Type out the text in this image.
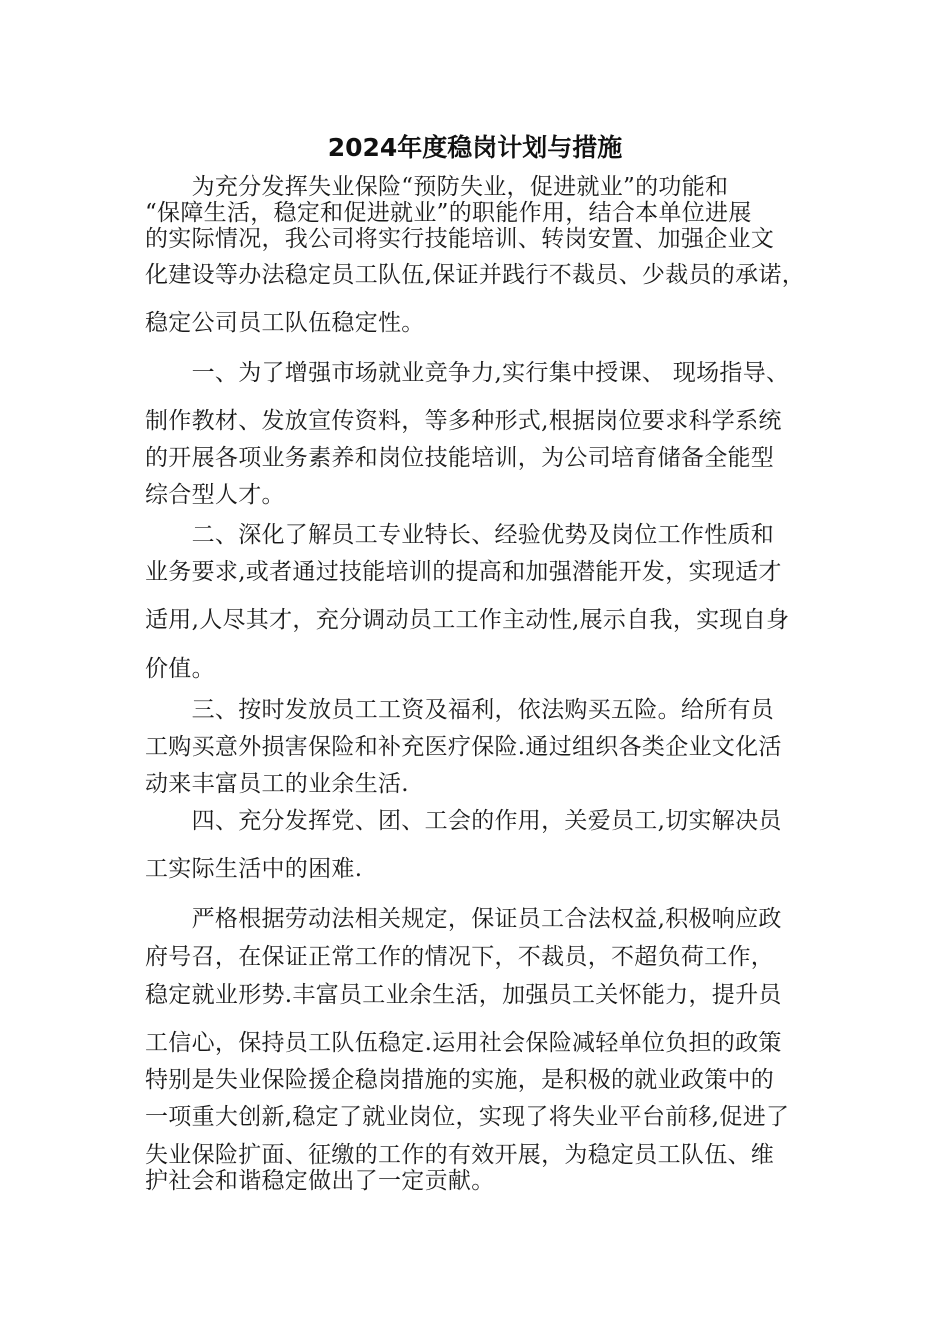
2024年度稳岗计划与措施
　　为充分发挥失业保险“预防失业，促进就业”的功能和
“保障生活，稳定和促进就业”的职能作用，结合本单位进展
的实际情况，我公司将实行技能培训、转岗安置、加强企业文
化建设等办法稳定员工队伍,保证并践行不裁员、少裁员的承诺，
稳定公司员工队伍稳定性。
　　一、为了增强市场就业竞争力,实行集中授课、 现场指导、
制作教材、发放宣传资料，等多种形式,根据岗位要求科学系统
的开展各项业务素养和岗位技能培训，为公司培育储备全能型
综合型人才。
　　二、深化了解员工专业特长、经验优势及岗位工作性质和
业务要求,或者通过技能培训的提高和加强潜能开发，实现适才
适用,人尽其才，充分调动员工工作主动性,展示自我，实现自身
价值。
　　三、按时发放员工工资及福利，依法购买五险。给所有员
工购买意外损害保险和补充医疗保险.通过组织各类企业文化活
动来丰富员工的业余生活.
　　四、充分发挥党、团、工会的作用，关爱员工,切实解决员
工实际生活中的困难.
　　严格根据劳动法相关规定，保证员工合法权益,积极响应政
府号召，在保证正常工作的情况下，不裁员，不超负荷工作，
稳定就业形势.丰富员工业余生活，加强员工关怀能力，提升员
工信心，保持员工队伍稳定.运用社会保险减轻单位负担的政策
特别是失业保险援企稳岗措施的实施，是积极的就业政策中的
一项重大创新,稳定了就业岗位，实现了将失业平台前移,促进了
失业保险扩面、征缴的工作的有效开展，为稳定员工队伍、维
护社会和谐稳定做出了一定贡献。
